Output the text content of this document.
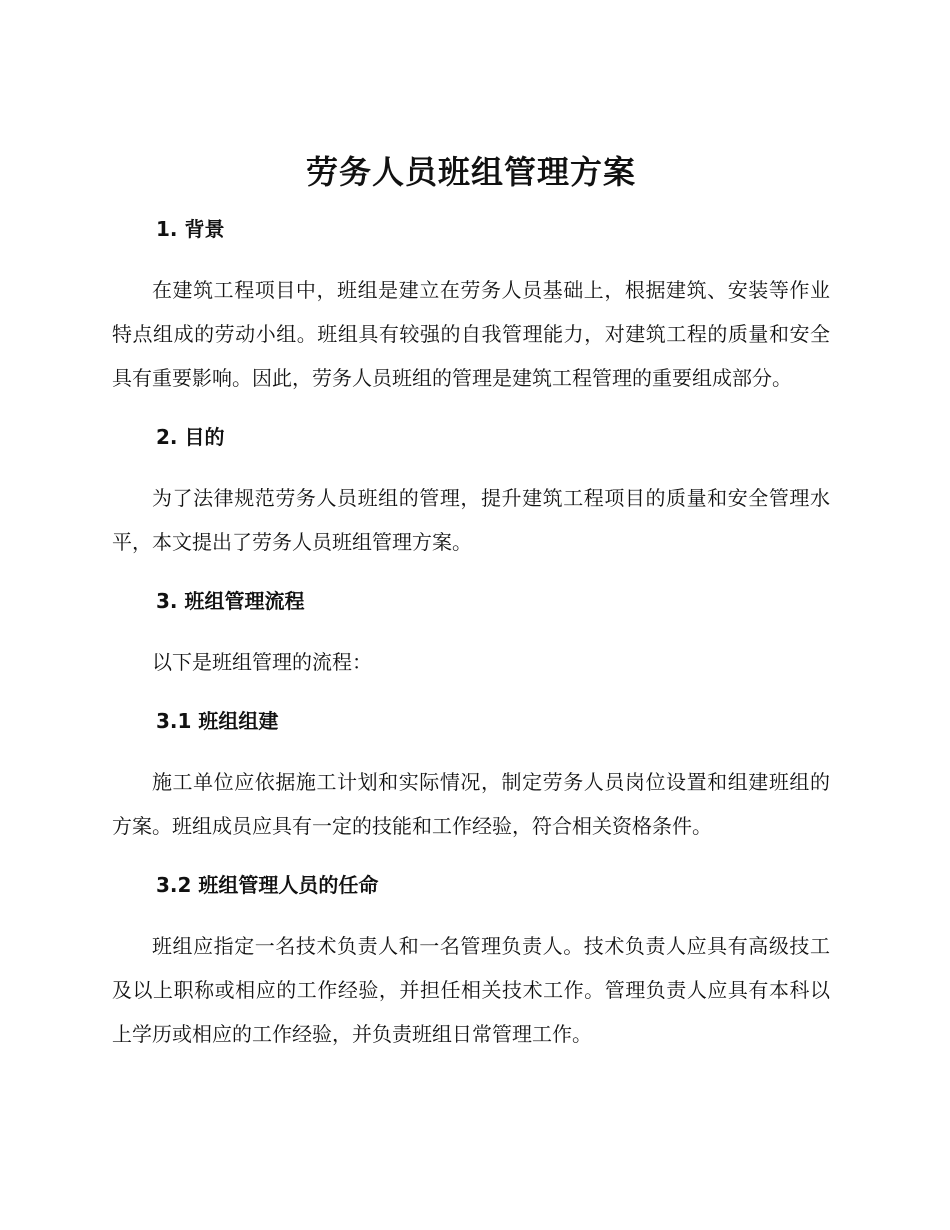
劳务人员班组管理方案
1. 背景

在建筑工程项目中，班组是建立在劳务人员基础上，根据建筑、安装等作业特点组成的劳动小组。班组具有较强的自我管理能力，对建筑工程的质量和安全具有重要影响。因此，劳务人员班组的管理是建筑工程管理的重要组成部分。

2. 目的

为了法律规范劳务人员班组的管理，提升建筑工程项目的质量和安全管理水平，本文提出了劳务人员班组管理方案。

3. 班组管理流程

以下是班组管理的流程：

3.1 班组组建

施工单位应依据施工计划和实际情况，制定劳务人员岗位设置和组建班组的方案。班组成员应具有一定的技能和工作经验，符合相关资格条件。

3.2 班组管理人员的任命

班组应指定一名技术负责人和一名管理负责人。技术负责人应具有高级技工及以上职称或相应的工作经验，并担任相关技术工作。管理负责人应具有本科以上学历或相应的工作经验，并负责班组日常管理工作。
